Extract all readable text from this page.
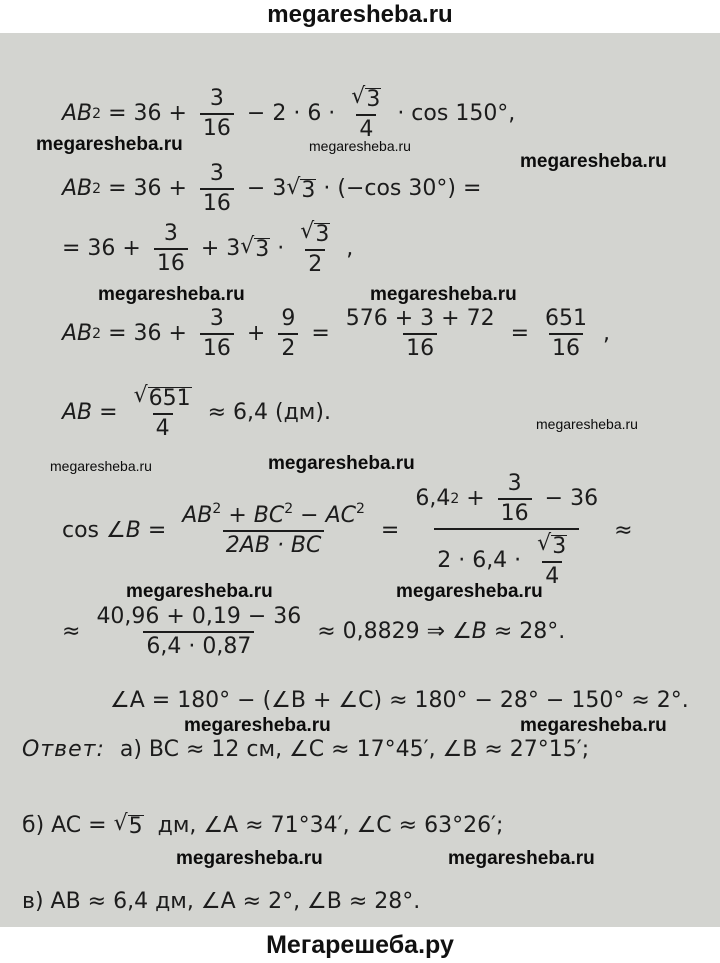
megaresheba.ru
AB $2 = 36 + \frac{3}{16} - 2 \cdot 6 \cdot \frac{√ 3}{4} \cdot \cos 150^\circ$,
AB $2 = 36 + \frac{3}{16} - 3$ √ 3 · (−cos 30°) =
= $36 + \frac{3}{16} + 3$ √ $3 \cdot \frac{√ 3}{2}$ ,
AB $2 = 36 + \frac{3}{16} + \frac{9}{2} = \frac{576 + 3 + 72}{16} = \frac{651}{16}$ ,
AB = $\frac{√ 651}{4} \approx 6,4$ (дм).
cos ∠ $B = \frac{AB^2 + BC^2 - AC^2}{2AB \cdot BC}$ =
6,4 $2 + \frac{3}{16} - 36$
$2 \cdot 6,4 \cdot \frac{√ 3}{4}$
≈
≈ $\frac{40,96 + 0,19 - 36}{6,4 \cdot 0,87} \approx 0,8829$ ⇒ ∠ B ≈ 28°.
∠A = 180° − (∠B + ∠C) ≈ 180° − 28° − 150° ≈ 2°.
Ответ: а) BC ≈ 12 см, ∠C ≈ 17°45′, ∠B ≈ 27°15′;
б) AC = √ 5 дм, ∠A ≈ 71°34′, ∠C ≈ 63°26′;
в) AB ≈ 6,4 дм, ∠A ≈ 2°, ∠B ≈ 28°.
megaresheba.ru	megaresheba.ru
megaresheba.ru
megaresheba.ru	megaresheba.ru
megaresheba.ru
megaresheba.ru	megaresheba.ru
megaresheba.ru	megaresheba.ru
megaresheba.ru	megaresheba.ru
megaresheba.ru	megaresheba.ru
Мегарешеба.ру
